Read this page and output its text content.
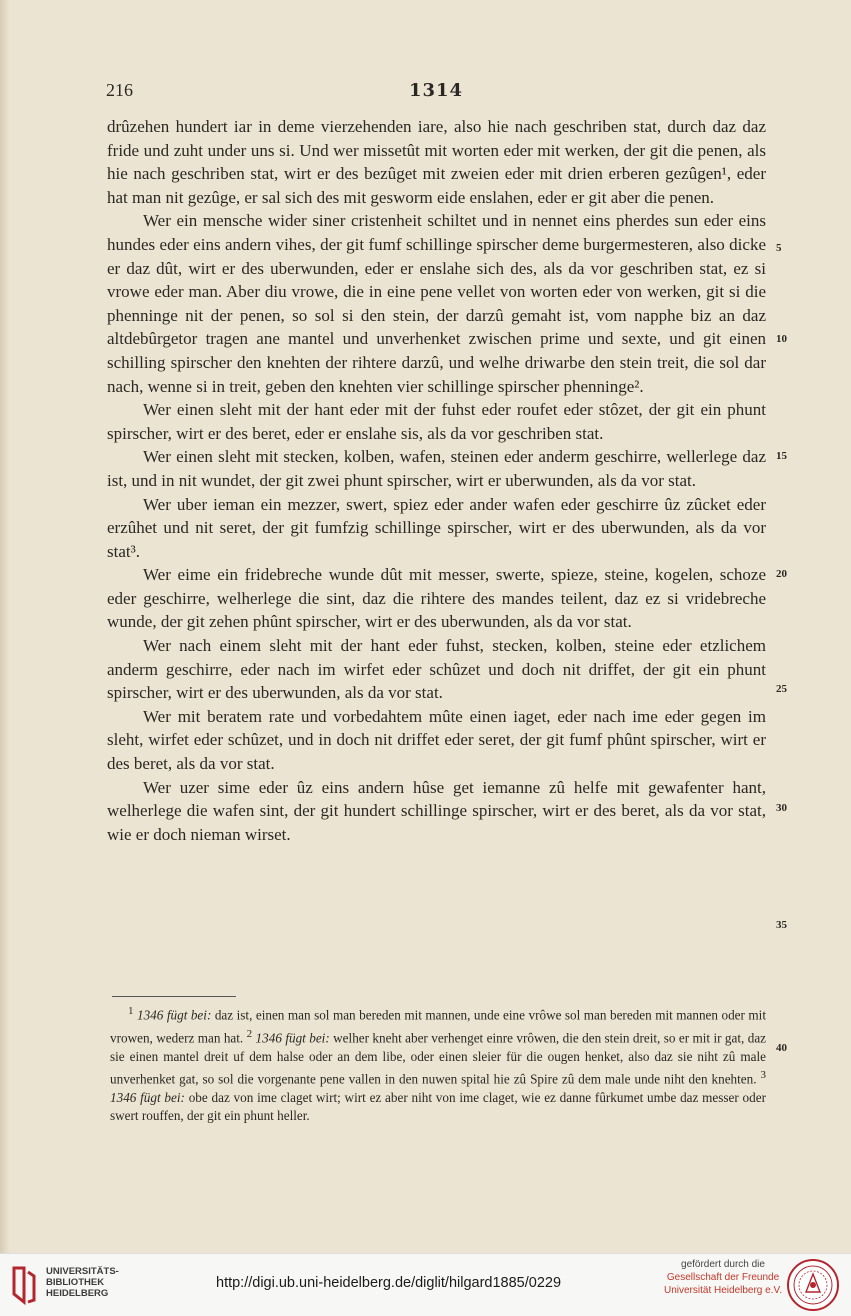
216	1314

drûzehen hundert iar in deme vierzehenden iare, also hie nach geschriben stat, durch daz daz fride und zuht under uns si. Und wer missetût mit worten eder mit werken, der git die penen, als hie nach geschriben stat, wirt er des bezûget mit zweien eder mit drien erberen gezûgen¹, eder hat man nit gezûge, er sal sich des mit gesworm eide enslahen, eder er git aber die penen.

Wer ein mensche wider siner cristenheit schiltet und in nennet eins pherdes sun eder eins hundes eder eins andern vihes, der git fumf schillinge spirscher deme burgermesteren, also dicke er daz dût, wirt er des uberwunden, eder er enslahe sich des, als da vor geschriben stat, ez si vrowe eder man. Aber diu vrowe, die in eine pene vellet von worten eder von werken, git si die phenninge nit der penen, so sol si den stein, der darzû gemaht ist, vom napphe biz an daz altdebûrgetor tragen ane mantel und unverhenket zwischen prime und sexte, und git einen schilling spirscher den knehten der rihtere darzû, und welhe driwarbe den stein treit, die sol dar nach, wenne si in treit, geben den knehten vier schillinge spirscher phenninge².

Wer einen sleht mit der hant eder mit der fuhst eder roufet eder stôzet, der git ein phunt spirscher, wirt er des beret, eder er enslahe sis, als da vor geschriben stat.

Wer einen sleht mit stecken, kolben, wafen, steinen eder anderm geschirre, wellerlege daz ist, und in nit wundet, der git zwei phunt spirscher, wirt er uberwunden, als da vor stat.

Wer uber ieman ein mezzer, swert, spiez eder ander wafen eder geschirre ûz zûcket eder erzûhet und nit seret, der git fumfzig schillinge spirscher, wirt er des uberwunden, als da vor stat³.

Wer eime ein fridebreche wunde dût mit messer, swerte, spieze, steine, kogelen, schoze eder geschirre, welherlege die sint, daz die rihtere des mandes teilent, daz ez si vridebreche wunde, der git zehen phûnt spirscher, wirt er des uberwunden, als da vor stat.

Wer nach einem sleht mit der hant eder fuhst, stecken, kolben, steine eder etzlichem anderm geschirre, eder nach im wirfet eder schûzet und doch nit driffet, der git ein phunt spirscher, wirt er des uberwunden, als da vor stat.

Wer mit beratem rate und vorbedahtem mûte einen iaget, eder nach ime eder gegen im sleht, wirfet eder schûzet, und in doch nit driffet eder seret, der git fumf phûnt spirscher, wirt er des beret, als da vor stat.

Wer uzer sime eder ûz eins andern hûse get iemanne zû helfe mit gewafenter hant, welherlege die wafen sint, der git hundert schillinge spirscher, wirt er des beret, als da vor stat, wie er doch nieman wirset.

5
10
15
20
25
30
35
40
$^1$ 1346 fügt bei: daz ist, einen man sol man bereden mit mannen, unde eine vrôwe sol man bereden mit mannen oder mit vrowen, wederz man hat. $^2$ 1346 fügt bei: welher kneht aber verhenget einre vrôwen, die den stein dreit, so er mit ir gat, daz sie einen mantel dreit uf dem halse oder an dem libe, oder einen sleier für die ougen henket, also daz sie niht zû male unverhenket gat, so sol die vorgenante pene vallen in den nuwen spital hie zû Spire zû dem male unde niht den knehten. $^3$ 1346 fügt bei: obe daz von ime claget wirt; wirt ez aber niht von ime claget, wie ez danne fûrkumet umbe daz messer oder swert rouffen, der git ein phunt heller.
UNIVERSITÄTS-
BIBLIOTHEK
HEIDELBERG
http://digi.ub.uni-heidelberg.de/diglit/hilgard1885/0229
gefördert durch die
Gesellschaft der Freunde
Universität Heidelberg e.V.
